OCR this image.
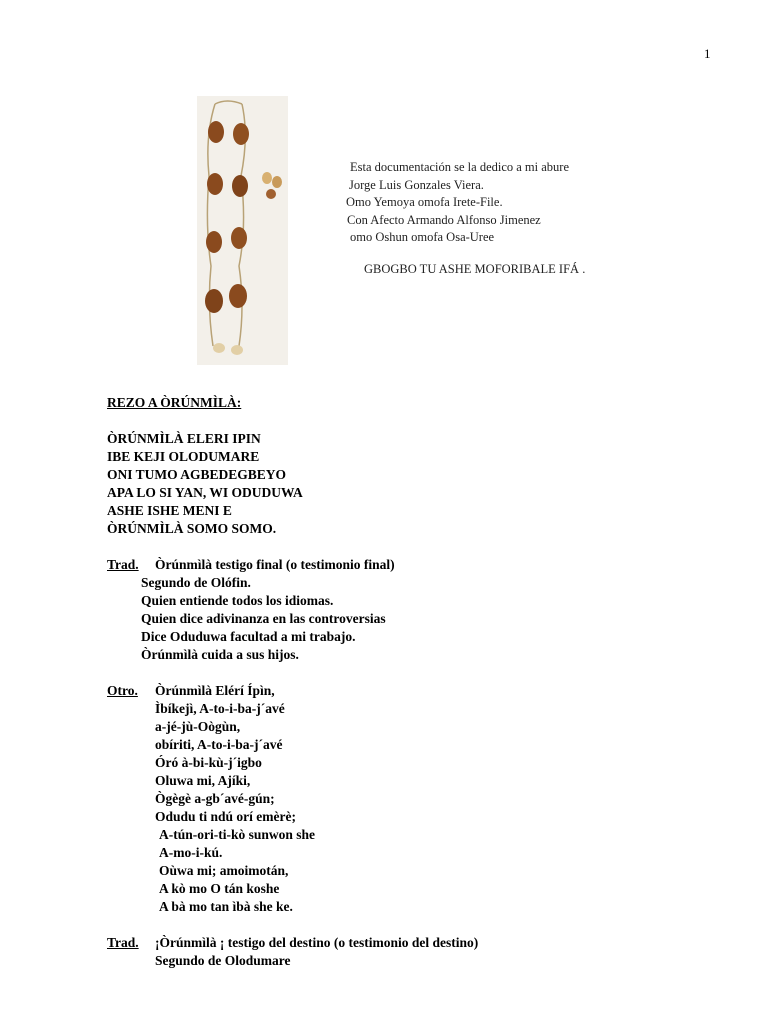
1
Esta documentación se la dedico a mi abure
Jorge Luis Gonzales Viera.
Omo Yemoya omofa Irete-File.
Con Afecto Armando Alfonso Jimenez
omo Oshun omofa Osa-Uree
GBOGBO TU ASHE MOFORIBALE IFÁ .
REZO A ÒRÚNMÌLÀ:
ÒRÚNMÌLÀ ELERI IPIN
IBE KEJI OLODUMARE
ONI TUMO AGBEDEGBEYO
APA LO SI YAN, WI ODUDUWA
ASHE ISHE MENI E
ÒRÚNMÌLÀ SOMO SOMO.
Trad. Òrúnmìlà testigo final (o testimonio final)
Segundo de Olófin.
Quien entiende todos los idiomas.
Quien dice adivinanza en las controversias
Dice Oduduwa facultad a mi trabajo.
Òrúnmìlà cuida a sus hijos.
Otro. Òrúnmìlà Elérí Ípìn,
Ìbíkejì, A-to-i-ba-j´avé
a-jé-jù-Oògùn,
obíriti, A-to-i-ba-j´avé
Óró à-bi-kù-j´igbo
Oluwa mi, Ajíki,
Ògègè a-gb´avé-gún;
Odudu ti ndú orí emèrè;
A-tún-ori-ti-kò sunwon she
A-mo-i-kú.
Oùwa mi; amoimotán,
A kò mo O tán koshe
A bà mo tan ìbà she ke.
Trad. ¡Òrúnmìlà ¡ testigo del destino (o testimonio del destino)
Segundo de Olodumare
